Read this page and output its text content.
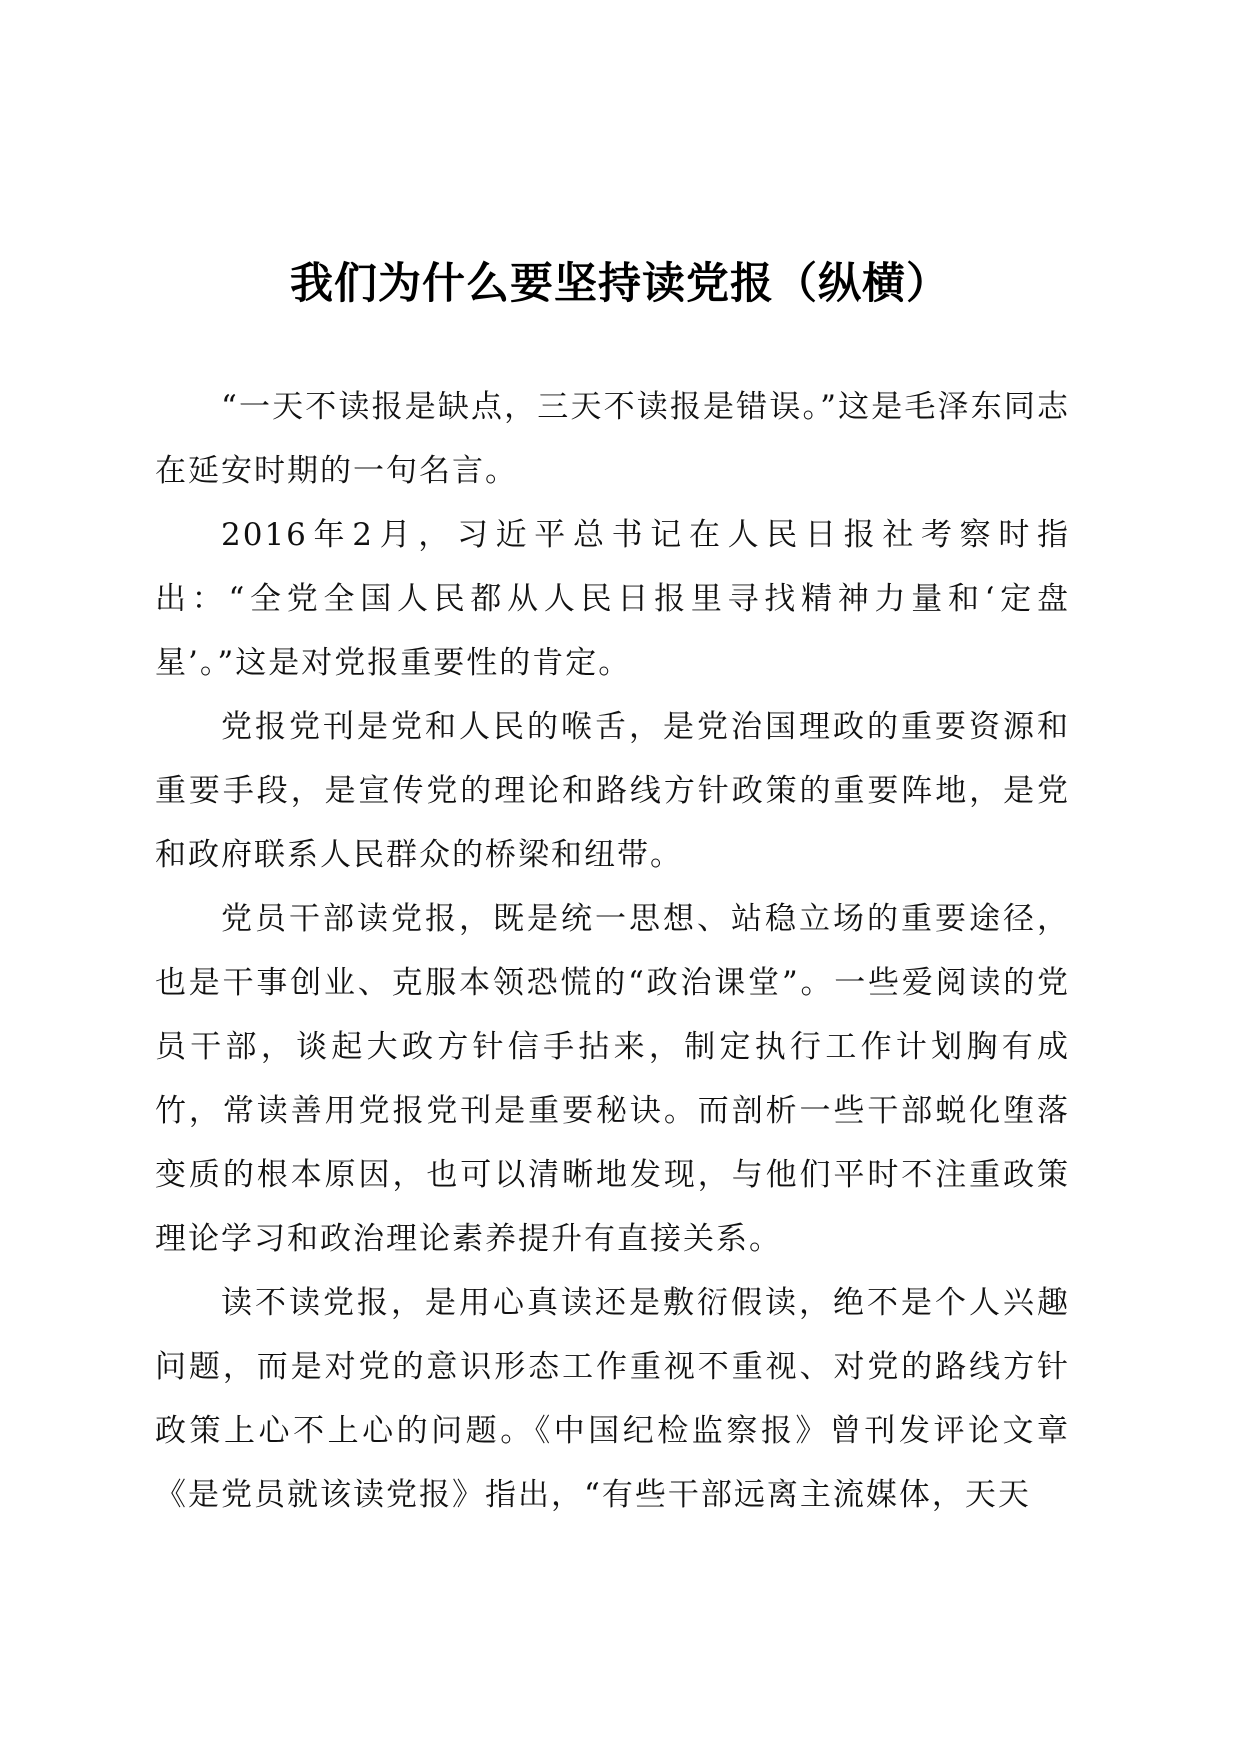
我们为什么要坚持读党报（纵横）

“一天不读报是缺点，三天不读报是错误。”这是毛泽东同志在延安时期的一句名言。

2016年2月，习近平总书记在人民日报社考察时指出：“全党全国人民都从人民日报里寻找精神力量和‘定盘星’。”这是对党报重要性的肯定。

党报党刊是党和人民的喉舌，是党治国理政的重要资源和重要手段，是宣传党的理论和路线方针政策的重要阵地，是党和政府联系人民群众的桥梁和纽带。

党员干部读党报，既是统一思想、站稳立场的重要途径，也是干事创业、克服本领恐慌的“政治课堂”。一些爱阅读的党员干部，谈起大政方针信手拈来，制定执行工作计划胸有成竹，常读善用党报党刊是重要秘诀。而剖析一些干部蜕化堕落变质的根本原因，也可以清晰地发现，与他们平时不注重政策理论学习和政治理论素养提升有直接关系。

读不读党报，是用心真读还是敷衍假读，绝不是个人兴趣问题，而是对党的意识形态工作重视不重视、对党的路线方针政策上心不上心的问题。《中国纪检监察报》曾刊发评论文章《是党员就该读党报》指出，“有些干部远离主流媒体，天天
